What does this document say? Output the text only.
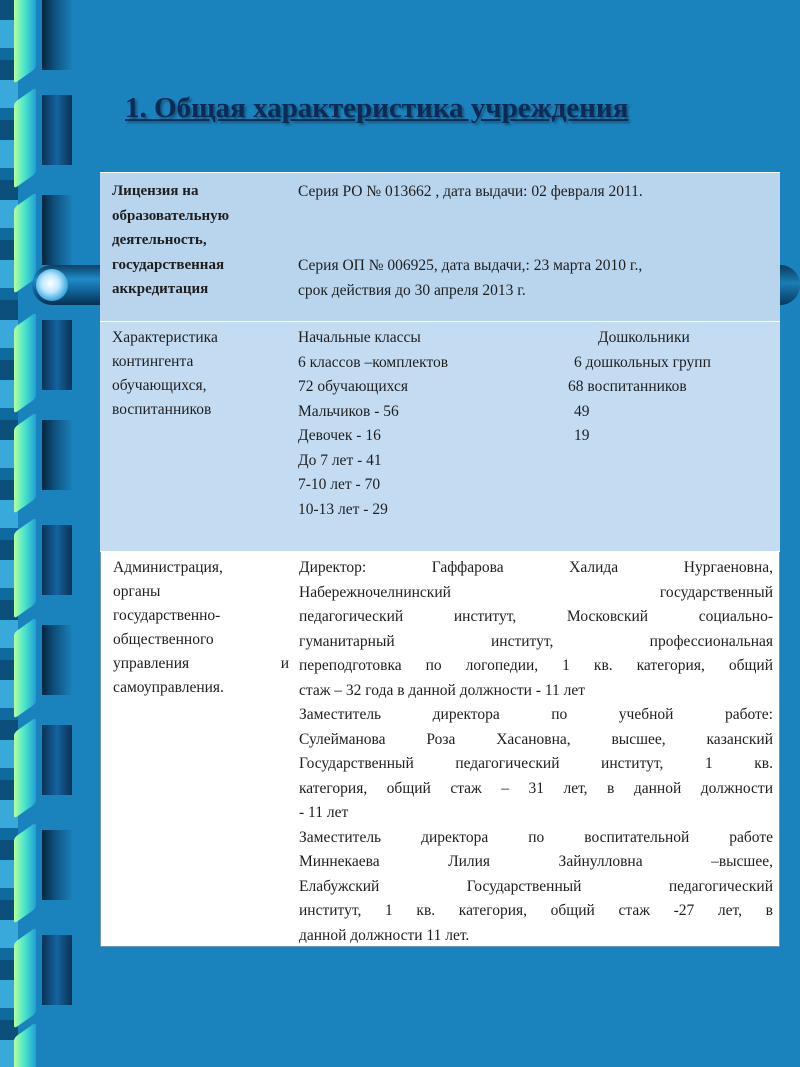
1. Общая характеристика учреждения
Лицензия на
образовательную
деятельность,
государственная
аккредитация

Серия РО № 013662 , дата выдачи: 02 февраля 2011.

Серия ОП № 006925, дата выдачи,: 23 марта 2010 г.,

срок действия до 30 апреля 2013 г.

Характеристика
контингента
обучающихся,
воспитанников

Начальные классы

6 классов –комплектов

72 обучающихся

Мальчиков - 56

Девочек - 16

До 7 лет - 41

7-10 лет - 70

10-13 лет - 29

Дошкольники

6 дошкольных групп

68 воспитанников

49

19

Администрация,
органы
государственно-
общественного
управления	и
самоуправления.

Директор: Гаффарова Халида Нургаеновна,

Набережночелнинский государственный

педагогический институт, Московский социально-

гуманитарный институт, профессиональная

переподготовка по логопедии, 1 кв. категория, общий

стаж – 32 года в данной должности - 11 лет

Заместитель директора по учебной работе:

Сулейманова Роза Хасановна, высшее, казанский

Государственный педагогический институт, 1 кв.

категория, общий стаж – 31 лет, в данной должности

- 11 лет

Заместитель директора по воспитательной работе

Миннекаева Лилия Зайнулловна –высшее,

Елабужский Государственный педагогический

институт, 1 кв. категория, общий стаж -27 лет, в

данной должности 11 лет.
